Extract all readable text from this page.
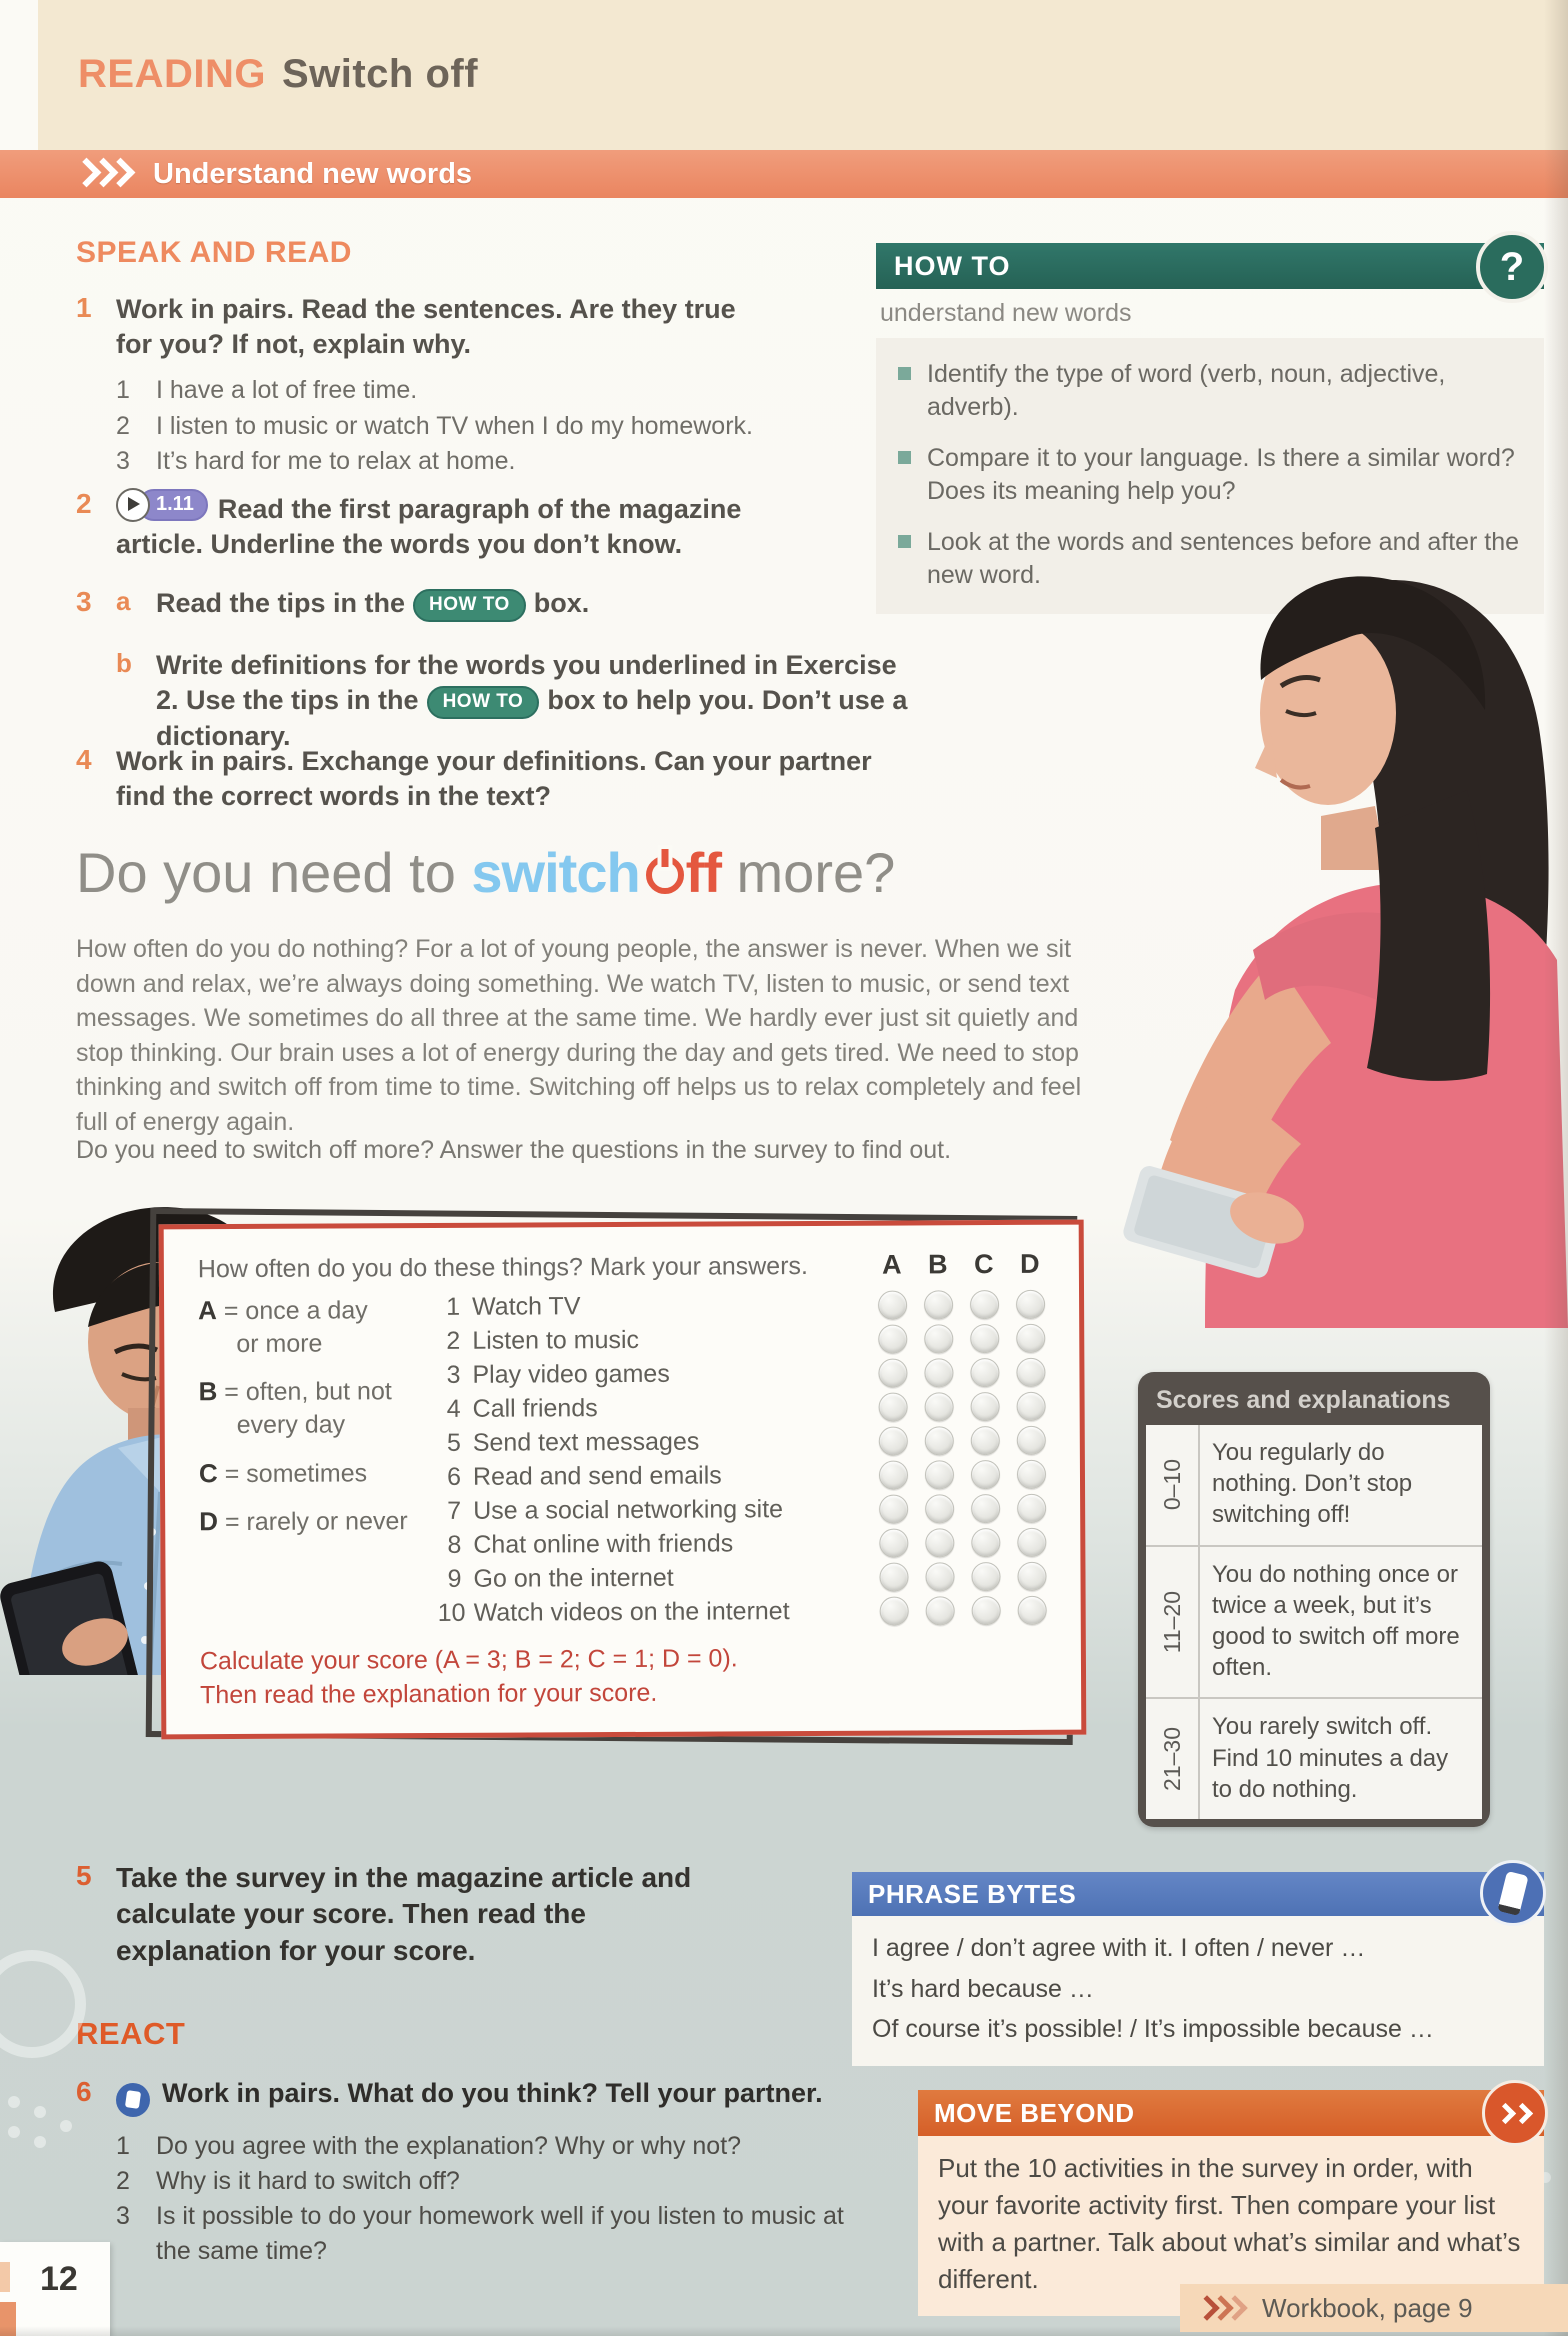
READING Switch off
Understand new words
SPEAK AND READ
1 Work in pairs. Read the sentences. Are they true for you? If not, explain why.
1	I have a lot of free time.
2	I listen to music or watch TV when I do my homework.
3	It’s hard for me to relax at home.
2	1.11 Read the first paragraph of the magazine article. Underline the words you don’t know.
3 a Read the tips in the HOW TO box.
b Write definitions for the words you underlined in Exercise 2. Use the tips in the HOW TO box to help you. Don’t use a dictionary.
4 Work in pairs. Exchange your definitions. Can your partner find the correct words in the text?
HOW TO	?
understand new words
Identify the type of word (verb, noun, adjective, adverb).
Compare it to your language. Is there a similar word? Does its meaning help you?
Look at the words and sentences before and after the new word.
Do you need to switch ff more?
How often do you do nothing? For a lot of young people, the answer is never. When we sit down and relax, we’re always doing something. We watch TV, listen to music, or send text messages. We sometimes do all three at the same time. We hardly ever just sit quietly and stop thinking. Our brain uses a lot of energy during the day and gets tired. We need to stop thinking and switch off from time to time. Switching off helps us to relax completely and feel full of energy again.
Do you need to switch off more? Answer the questions in the survey to find out.
How often do you do these things? Mark your answers.	A B C D
A = once a day
or more
B = often, but not
every day
C = sometimes
D = rarely or never
1 Watch TV
2 Listen to music
3 Play video games
4 Call friends
5 Send text messages
6 Read and send emails
7 Use a social networking site
8 Chat online with friends
9 Go on the internet
10 Watch videos on the internet
Calculate your score (A = 3; B = 2; C = 1; D = 0).
Then read the explanation for your score.
Scores and explanations
0–10
You regularly do nothing. Don’t stop switching off!
11–20
You do nothing once or twice a week, but it’s good to switch off more often.
21–30
You rarely switch off. Find 10 minutes a day to do nothing.
5 Take the survey in the magazine article and calculate your score. Then read the explanation for your score.
REACT
6	Work in pairs. What do you think? Tell your partner.
1	Do you agree with the explanation? Why or why not?
2	Why is it hard to switch off?
3	Is it possible to do your homework well if you listen to music at the same time?
PHRASE BYTES
I agree / don’t agree with it. I often / never …
It’s hard because …
Of course it’s possible! / It’s impossible because …
MOVE BEYOND
Put the 10 activities in the survey in order, with your favorite activity first. Then compare your list with a partner. Talk about what’s similar and what’s different.
12
Workbook, page 9
